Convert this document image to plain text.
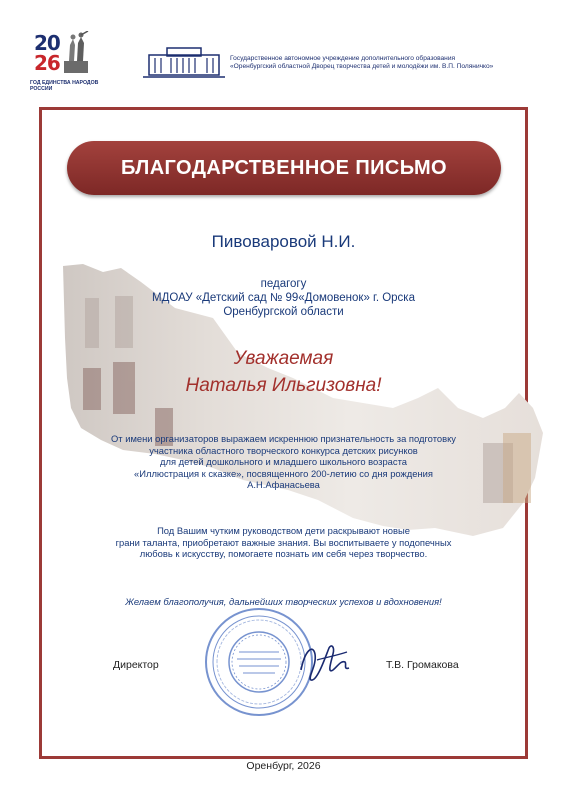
20
26
ГОД ЕДИНСТВА НАРОДОВ РОССИИ
Государственное автономное учреждение дополнительного образования
«Оренбургский областной Дворец творчества детей и молодёжи им. В.П. Поляничко»
БЛАГОДАРСТВЕННОЕ ПИСЬМО
Пивоваровой Н.И.
педагогу
МДОАУ «Детский сад № 99«Домовенок» г. Орска
Оренбургской области
Уважаемая
Наталья Ильгизовна!
От имени организаторов выражаем искреннюю признательность за подготовку
участника областного творческого конкурса детских рисунков
для детей дошкольного и младшего школьного возраста
«Иллюстрация к сказке», посвященного 200-летию со дня рождения
А.Н.Афанасьева
Под Вашим чутким руководством дети раскрывают новые
грани таланта, приобретают важные знания. Вы воспитываете у подопечных
любовь к искусству, помогаете познать им себя через творчество.
Желаем благополучия, дальнейших творческих успехов и вдохновения!
Директор	Т.В. Громакова
Оренбург, 2026
